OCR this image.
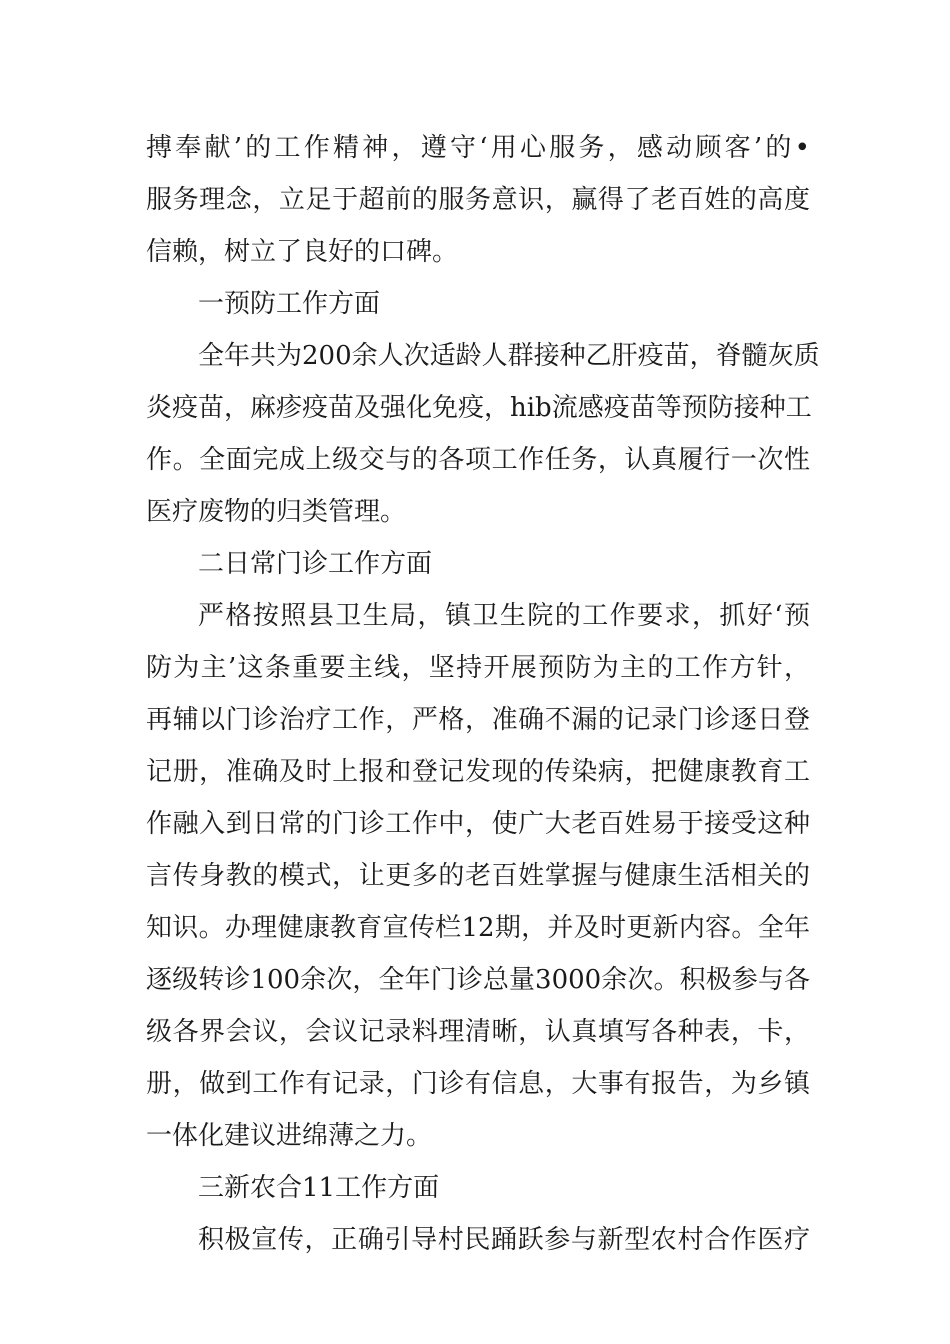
搏奉献’的工作精神，遵守‘用心服务，感动顾客’的•
服务理念，立足于超前的服务意识，赢得了老百姓的高度
信赖，树立了良好的口碑。
一预防工作方面
全年共为200余人次适龄人群接种乙肝疫苗，脊髓灰质
炎疫苗，麻疹疫苗及强化免疫，hib流感疫苗等预防接种工
作。全面完成上级交与的各项工作任务，认真履行一次性
医疗废物的归类管理。
二日常门诊工作方面
严格按照县卫生局，镇卫生院的工作要求，抓好‘预
防为主’这条重要主线，坚持开展预防为主的工作方针，
再辅以门诊治疗工作，严格，准确不漏的记录门诊逐日登
记册，准确及时上报和登记发现的传染病，把健康教育工
作融入到日常的门诊工作中，使广大老百姓易于接受这种
言传身教的模式，让更多的老百姓掌握与健康生活相关的
知识。办理健康教育宣传栏12期，并及时更新内容。全年
逐级转诊100余次，全年门诊总量3000余次。积极参与各
级各界会议，会议记录料理清晰，认真填写各种表，卡，
册，做到工作有记录，门诊有信息，大事有报告，为乡镇
一体化建议进绵薄之力。
三新农合11工作方面
积极宣传，正确引导村民踊跃参与新型农村合作医疗
